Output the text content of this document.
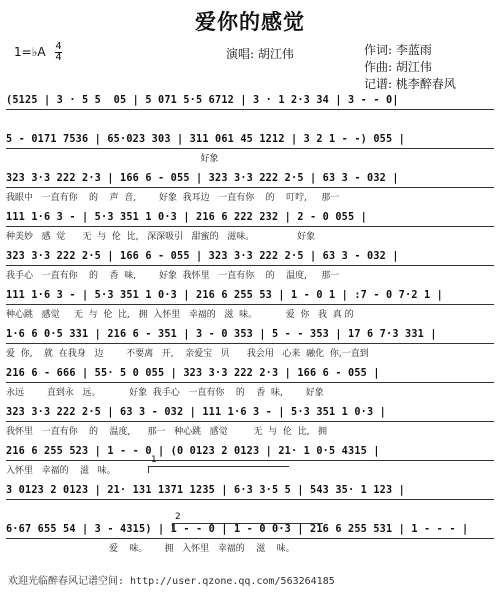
爱你的感觉
1=♭A $\frac{4}{4}$	演唱: 胡江伟	作词: 李蓝雨
作曲: 胡江伟
记谱: 桃李醉春风
(5125 | 3 · 5 5  05 | 5 071 5·5 6712 | 3 · 1 2·3 34 | 3 - - 0|
5 - 0171 7536 | 65·023 303 | 311 061 45 1212 | 3 2 1 - -) 055 |
好象
323 3·3 222 2·3 | 166 6 - 055 | 323 3·3 222 2·5 | 63 3 - 032 |
我眼中   一直有你    的    声  音,        好象  我耳边   一直有你    的    叮咛,     那一
111 1·6 3 - | 5·3 351 1 0·3 | 216 6 222 232 | 2 - 0 055 |
种美妙   感  觉      无  与  伦  比,   深深吸引   甜蜜的   滋味。               好象
323 3·3 222 2·5 | 166 6 - 055 | 323 3·3 222 2·5 | 63 3 - 032 |
我手心   一直有你    的    香  味,        好象  我怀里   一直有你    的    温度,     那一
111 1·6 3 - | 5·3 351 1 0·3 | 216 6 255 53 | 1 - 0 1 | :7 - 0 7·2 1 |
种心跳   感觉     无  与  伦  比,   拥  入怀里   幸福的   滋  味。          爱  你   我  真 的
1·6 6 0·5 331 | 216 6 - 351 | 3 - 0 353 | 5 - - 353 | 17 6 7·3 331 |
爱  你,    就  在我身   边        不要离   开,    亲爱宝   贝      我会用   心来  融化  你,一直到
216 6 - 666 | 55· 5 0 055 | 323 3·3 222 2·3 | 166 6 - 055 |
永远        直到永   远。          好象  我手心   一直有你    的    香  味,        好象
323 3·3 222 2·5 | 63 3 - 032 | 111 1·6 3 - | 5·3 351 1 0·3 |
我怀里   一直有你    的    温度,      那一   种心跳   感觉         无  与  伦  比,   拥
216 6 255 523 | 1 - - 0 | (0 0123 2 0123 | 21· 1 0·5 4315 |
入怀里   幸福的    滋   味。
3 0123 2 0123 | 21· 131 1371 1235 | 6·3 3·5 5 | 543 35· 1 123 |
6·67 655 54 | 3 - 4315) | 1 - - 0 | 1 - 0 0·3 | 216 6 255 531 | 1 - - - |
爱    味。      拥   入怀里   幸福的    滋    味。
1
2
欢迎光临醉春风记谱空间: http://user.qzone.qq.com/563264185
